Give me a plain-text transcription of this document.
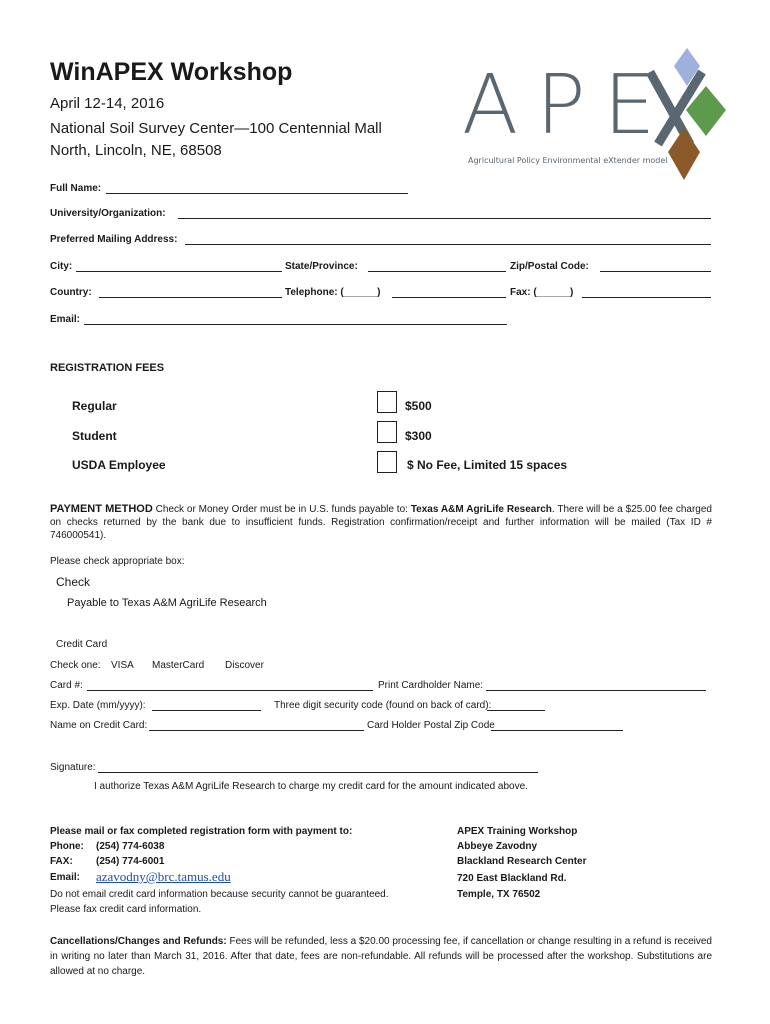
WinAPEX Workshop
April 12-14, 2016
National Soil Survey Center—100 Centennial Mall
North, Lincoln, NE, 68508	APE
Agricultural Policy Environmental eXtender model
Full Name:
University/Organization:
Preferred Mailing Address:
City:	State/Province:	Zip/Postal Code:
Country:	Telephone: (______)	Fax: (______)
Email:
REGISTRATION FEES
Regular	$500
Student	$300
USDA Employee	$ No Fee, Limited 15 spaces
PAYMENT METHOD Check or Money Order must be in U.S. funds payable to: Texas A&M AgriLife Research. There will be a $25.00 fee charged on checks returned by the bank due to insufficient funds. Registration confirmation/receipt and further information will be mailed (Tax ID # 746000541).
Please check appropriate box:
Check
Payable to Texas A&M AgriLife Research
Credit Card
Check one: VISA MasterCard Discover
Card #:	Print Cardholder Name:
Exp. Date (mm/yyyy):	Three digit security code (found on back of card):
Name on Credit Card:	Card Holder Postal Zip Code
Signature:
I authorize Texas A&M AgriLife Research to charge my credit card for the amount indicated above.
Please mail or fax completed registration form with payment to:
Phone: (254) 774-6038
FAX: (254) 774-6001
Email: azavodny@brc.tamus.edu
Do not email credit card information because security cannot be guaranteed.
Please fax credit card information.
APEX Training Workshop
Abbeye Zavodny
Blackland Research Center
720 East Blackland Rd.
Temple, TX 76502
Cancellations/Changes and Refunds: Fees will be refunded, less a $20.00 processing fee, if cancellation or change resulting in a refund is received in writing no later than March 31, 2016. After that date, fees are non-refundable. All refunds will be processed after the workshop. Substitutions are allowed at no charge.
